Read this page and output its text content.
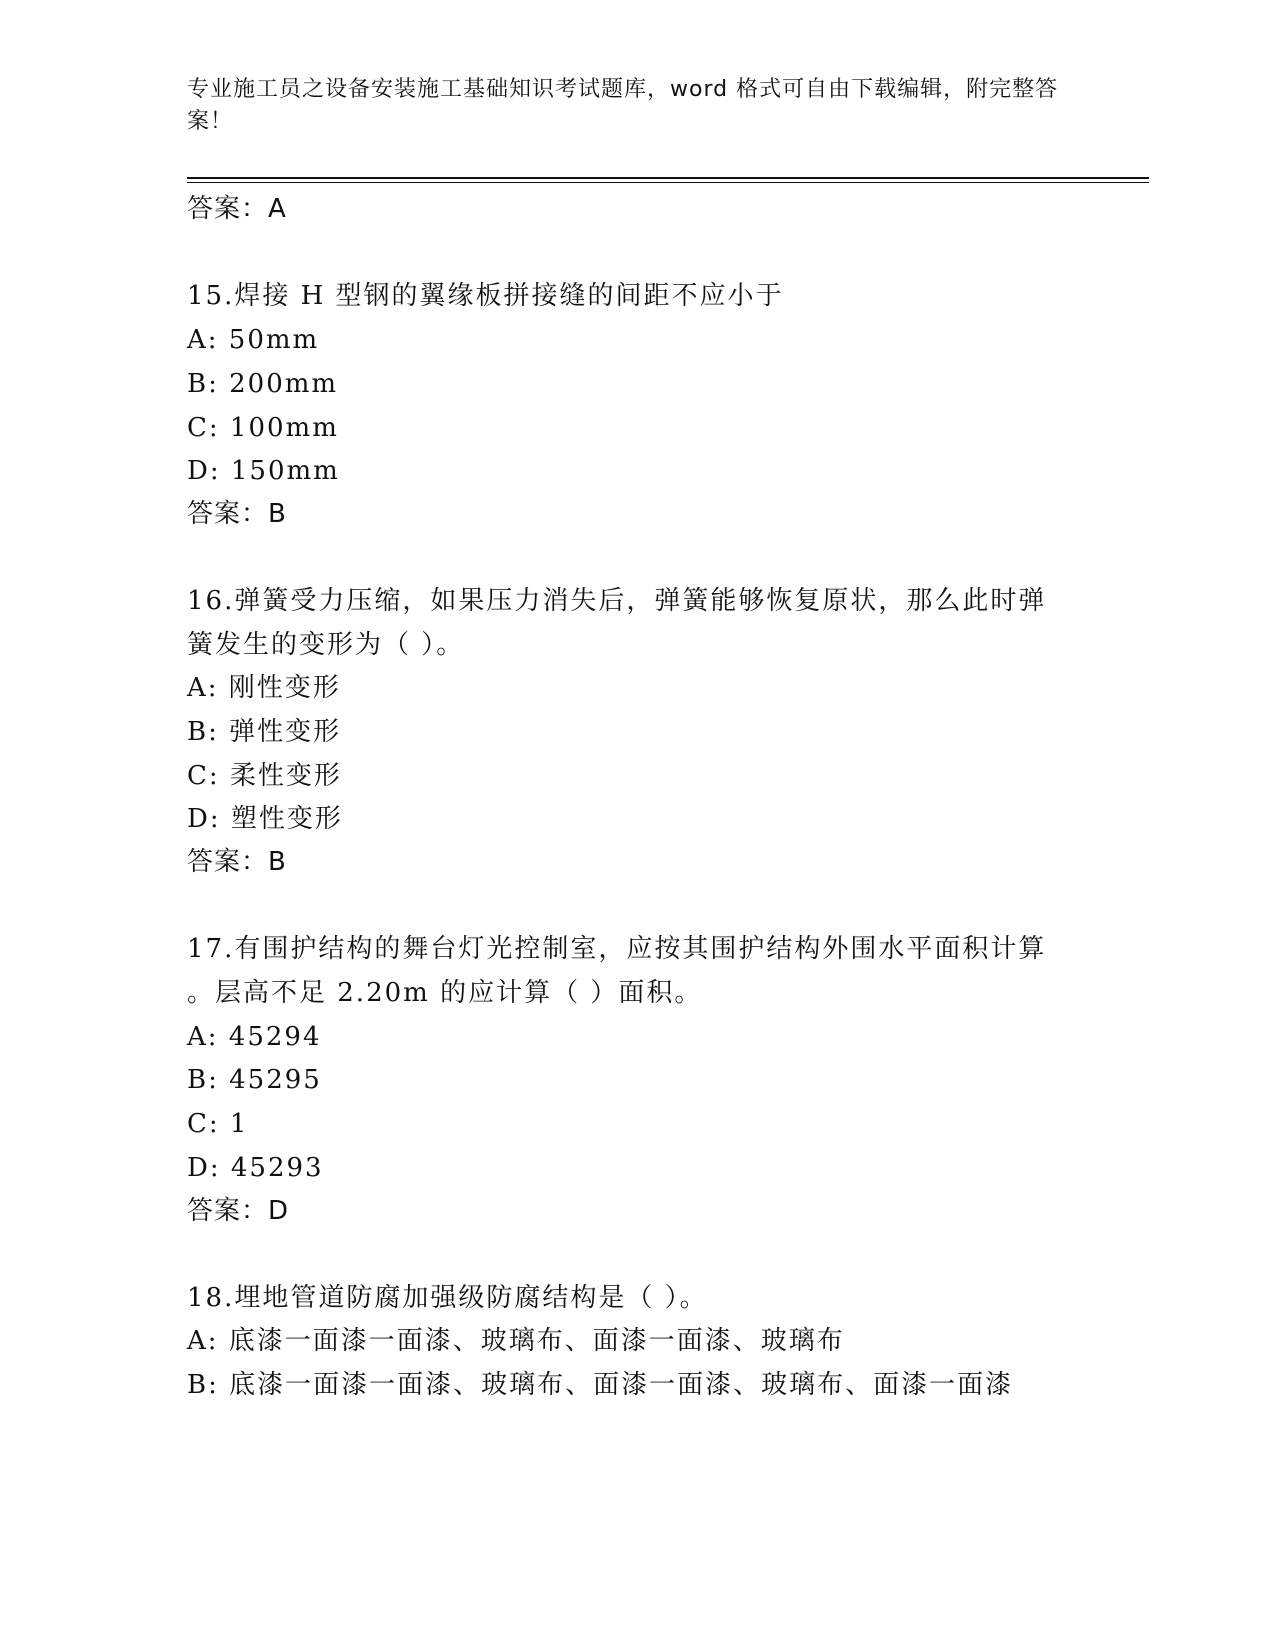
专业施工员之设备安装施工基础知识考试题库，word 格式可自由下载编辑，附完整答案！
答案：A
15.焊接 H 型钢的翼缘板拼接缝的间距不应小于
A: 50mm
B: 200mm
C: 100mm
D: 150mm
答案：B
16.弹簧受力压缩，如果压力消失后，弹簧能够恢复原状，那么此时弹
簧发生的变形为（ ）。
A: 刚性变形
B: 弹性变形
C: 柔性变形
D: 塑性变形
答案：B
17.有围护结构的舞台灯光控制室，应按其围护结构外围水平面积计算
。层高不足 2.20m 的应计算（ ）面积。
A: 45294
B: 45295
C: 1
D: 45293
答案：D
18.埋地管道防腐加强级防腐结构是（ ）。
A: 底漆一面漆一面漆、玻璃布、面漆一面漆、玻璃布
B: 底漆一面漆一面漆、玻璃布、面漆一面漆、玻璃布、面漆一面漆
